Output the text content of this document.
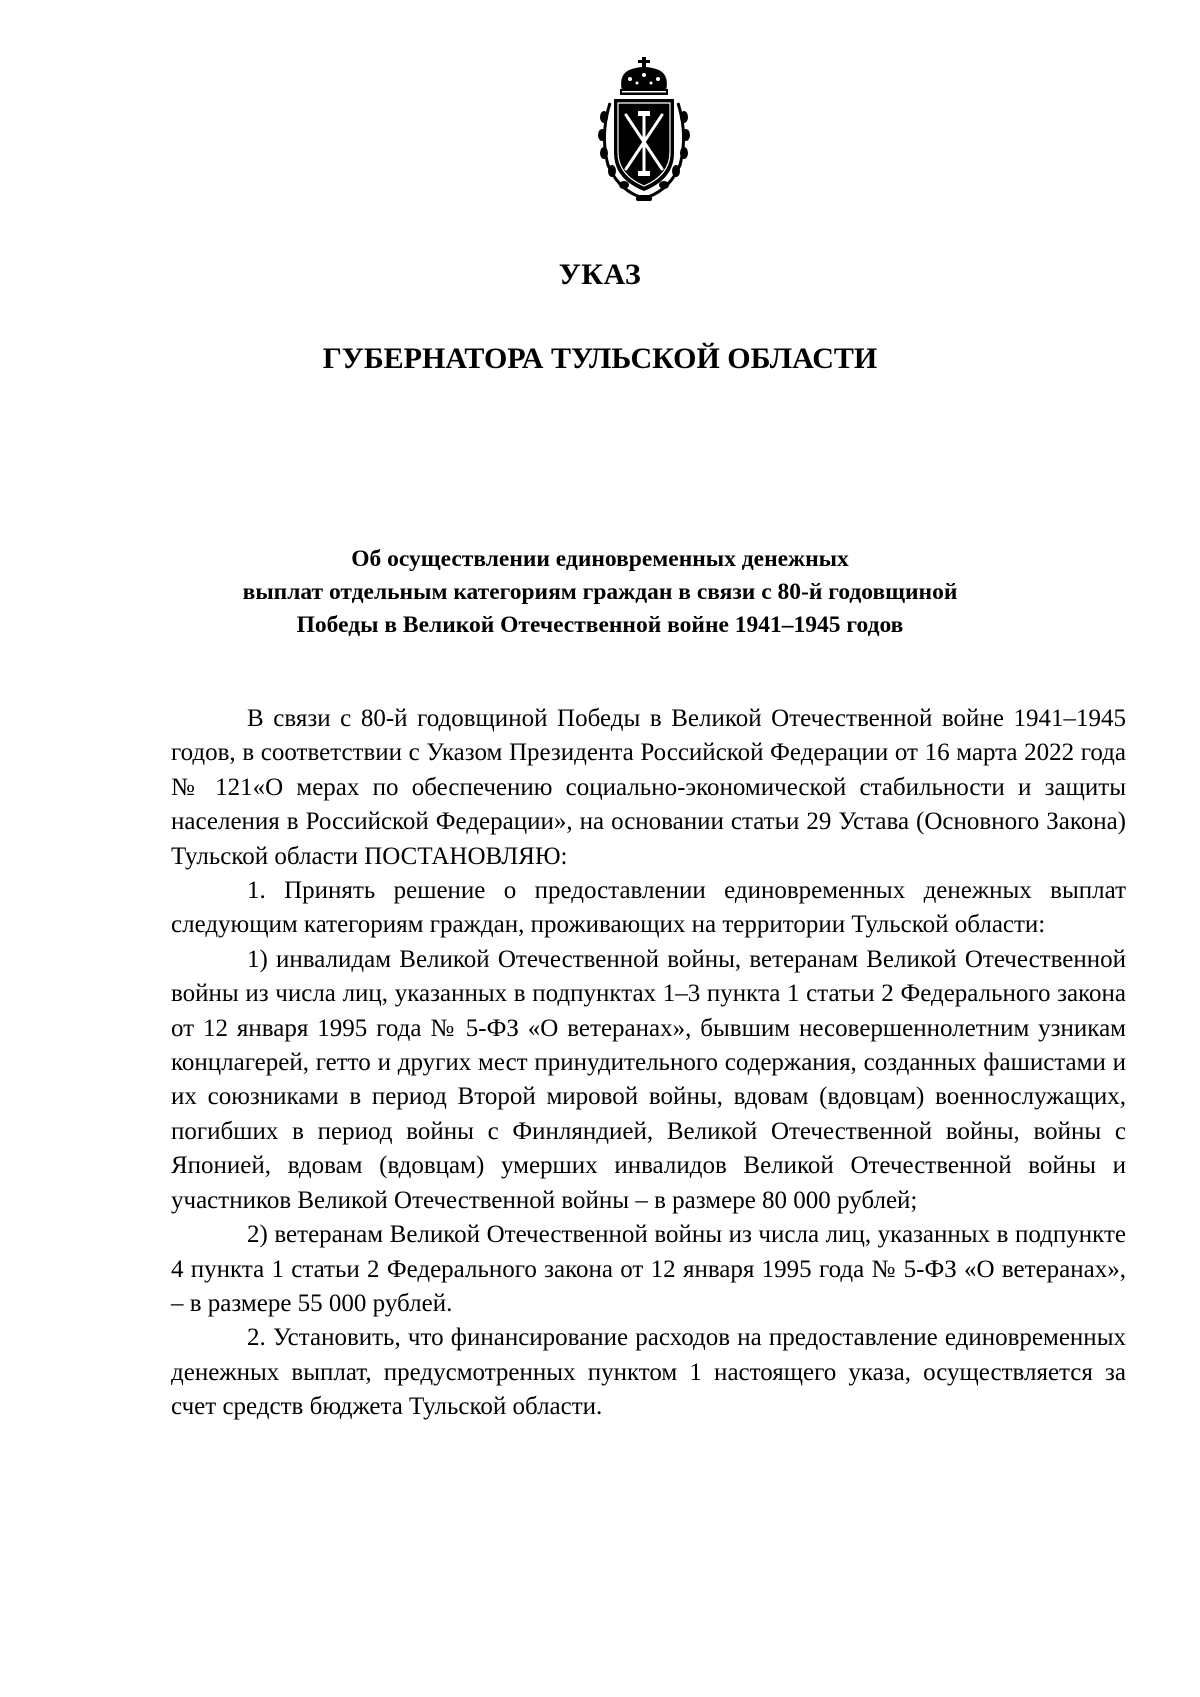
УКАЗ
ГУБЕРНАТОРА ТУЛЬСКОЙ ОБЛАСТИ
Об осуществлении единовременных денежных
выплат отдельным категориям граждан в связи с 80-й годовщиной
Победы в Великой Отечественной войне 1941–1945 годов

В связи с 80-й годовщиной Победы в Великой Отечественной войне 1941–1945 годов, в соответствии с Указом Президента Российской Федерации от 16 марта 2022 года № 121«О мерах по обеспечению социально-экономической стабильности и защиты населения в Российской Федерации», на основании статьи 29 Устава (Основного Закона) Тульской области ПОСТАНОВЛЯЮ:

1. Принять решение о предоставлении единовременных денежных выплат следующим категориям граждан, проживающих на территории Тульской области:

1) инвалидам Великой Отечественной войны, ветеранам Великой Отечественной войны из числа лиц, указанных в подпунктах 1–3 пункта 1 статьи 2 Федерального закона от 12 января 1995 года № 5-ФЗ «О ветеранах», бывшим несовершеннолетним узникам концлагерей, гетто и других мест принудительного содержания, созданных фашистами и их союзниками в период Второй мировой войны, вдовам (вдовцам) военнослужащих, погибших в период войны с Финляндией, Великой Отечественной войны, войны с Японией, вдовам (вдовцам) умерших инвалидов Великой Отечественной войны и участников Великой Отечественной войны – в размере 80 000 рублей;

2) ветеранам Великой Отечественной войны из числа лиц, указанных в подпункте 4 пункта 1 статьи 2 Федерального закона от 12 января 1995 года № 5-ФЗ «О ветеранах», – в размере 55 000 рублей.

2. Установить, что финансирование расходов на предоставление единовременных денежных выплат, предусмотренных пунктом 1 настоящего указа, осуществляется за счет средств бюджета Тульской области.
